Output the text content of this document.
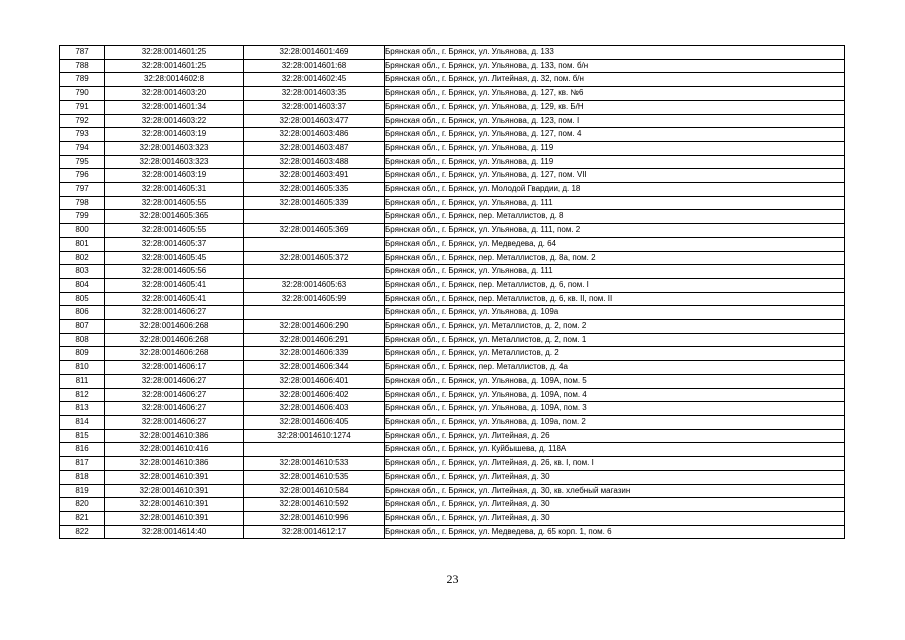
787	32:28:0014601:25	32:28:0014601:469	Брянская обл., г. Брянск, ул. Ульянова, д. 133
788	32:28:0014601:25	32:28:0014601:68	Брянская обл., г. Брянск, ул. Ульянова, д. 133, пом. б/н
789	32:28:0014602:8	32:28:0014602:45	Брянская обл., г. Брянск, ул. Литейная, д. 32, пом. б/н
790	32:28:0014603:20	32:28:0014603:35	Брянская обл., г. Брянск, ул. Ульянова, д. 127, кв. №6
791	32:28:0014601:34	32:28:0014603:37	Брянская обл., г. Брянск, ул. Ульянова, д. 129, кв. Б/Н
792	32:28:0014603:22	32:28:0014603:477	Брянская обл., г. Брянск, ул. Ульянова, д. 123, пом. I
793	32:28:0014603:19	32:28:0014603:486	Брянская обл., г. Брянск, ул. Ульянова, д. 127, пом. 4
794	32:28:0014603:323	32:28:0014603:487	Брянская обл., г. Брянск, ул. Ульянова, д. 119
795	32:28:0014603:323	32:28:0014603:488	Брянская обл., г. Брянск, ул. Ульянова, д. 119
796	32:28:0014603:19	32:28:0014603:491	Брянская обл., г. Брянск, ул. Ульянова, д. 127, пом. VII
797	32:28:0014605:31	32:28:0014605:335	Брянская обл., г. Брянск, ул. Молодой Гвардии, д. 18
798	32:28:0014605:55	32:28:0014605:339	Брянская обл., г. Брянск, ул. Ульянова, д. 111
799	32:28:0014605:365		Брянская обл., г. Брянск, пер. Металлистов, д. 8
800	32:28:0014605:55	32:28:0014605:369	Брянская обл., г. Брянск, ул. Ульянова, д. 111, пом. 2
801	32:28:0014605:37		Брянская обл., г. Брянск, ул. Медведева, д. 64
802	32:28:0014605:45	32:28:0014605:372	Брянская обл., г. Брянск, пер. Металлистов, д. 8а, пом. 2
803	32:28:0014605:56		Брянская обл., г. Брянск, ул. Ульянова, д. 111
804	32:28:0014605:41	32:28:0014605:63	Брянская обл., г. Брянск, пер. Металлистов, д. 6, пом. I
805	32:28:0014605:41	32:28:0014605:99	Брянская обл., г. Брянск, пер. Металлистов, д. 6, кв. II, пом. II
806	32:28:0014606:27		Брянская обл., г. Брянск, ул. Ульянова, д. 109а
807	32:28:0014606:268	32:28:0014606:290	Брянская обл., г. Брянск, ул. Металлистов, д. 2, пом. 2
808	32:28:0014606:268	32:28:0014606:291	Брянская обл., г. Брянск, ул. Металлистов, д. 2, пом. 1
809	32:28:0014606:268	32:28:0014606:339	Брянская обл., г. Брянск, ул. Металлистов, д. 2
810	32:28:0014606:17	32:28:0014606:344	Брянская обл., г. Брянск, пер. Металлистов, д. 4а
811	32:28:0014606:27	32:28:0014606:401	Брянская обл., г. Брянск, ул. Ульянова, д. 109А, пом. 5
812	32:28:0014606:27	32:28:0014606:402	Брянская обл., г. Брянск, ул. Ульянова, д. 109А, пом. 4
813	32:28:0014606:27	32:28:0014606:403	Брянская обл., г. Брянск, ул. Ульянова, д. 109А, пом. 3
814	32:28:0014606:27	32:28:0014606:405	Брянская обл., г. Брянск, ул. Ульянова, д. 109а, пом. 2
815	32:28:0014610:386	32:28:0014610:1274	Брянская обл., г. Брянск, ул. Литейная, д. 26
816	32:28:0014610:416		Брянская обл., г. Брянск, ул. Куйбышева, д. 118А
817	32:28:0014610:386	32:28:0014610:533	Брянская обл., г. Брянск, ул. Литейная, д. 26, кв. I, пом. I
818	32:28:0014610:391	32:28:0014610:535	Брянская обл., г. Брянск, ул. Литейная, д. 30
819	32:28:0014610:391	32:28:0014610:584	Брянская обл., г. Брянск, ул. Литейная, д. 30, кв. хлебный магазин
820	32:28:0014610:391	32:28:0014610:592	Брянская обл., г. Брянск, ул. Литейная, д. 30
821	32:28:0014610:391	32:28:0014610:996	Брянская обл., г. Брянск, ул. Литейная, д. 30
822	32:28:0014614:40	32:28:0014612:17	Брянская обл., г. Брянск, ул. Медведева, д. 65 корп. 1, пом. 6
23
